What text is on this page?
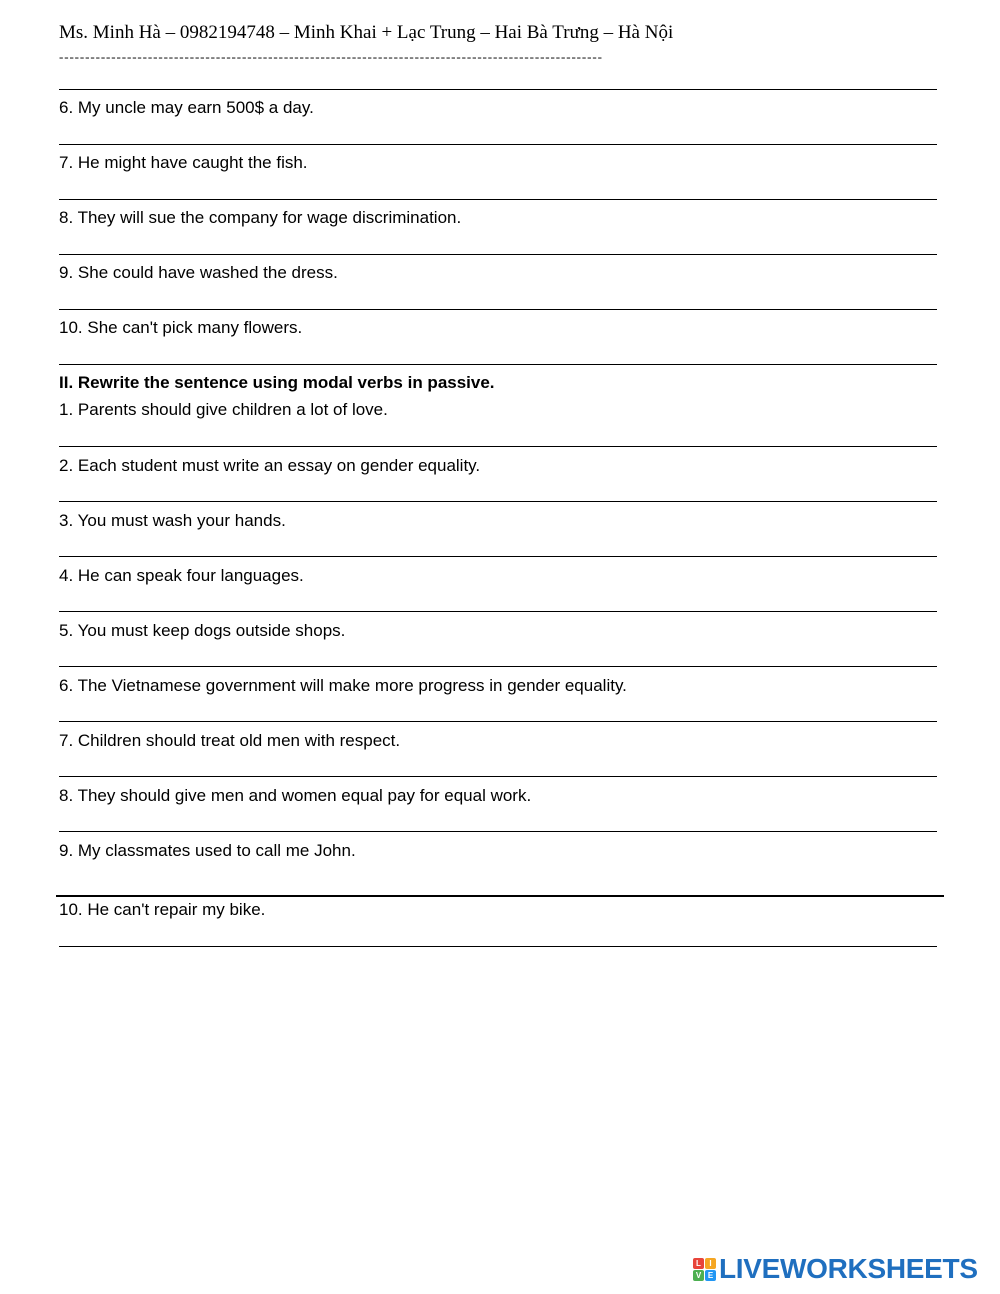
Ms. Minh Hà – 0982194748 – Minh Khai + Lạc Trung – Hai Bà Trưng – Hà Nội
--------------------------------------------------------------------------------------------------------
6. My uncle may earn 500$ a day.
7. He might have caught the fish.
8. They will sue the company for wage discrimination.
9. She could have washed the dress.
10. She can't pick many flowers.
II. Rewrite the sentence using modal verbs in passive.
1. Parents should give children a lot of love.
2. Each student must write an essay on gender equality.
3. You must wash your hands.
4. He can speak four languages.
5. You must keep dogs outside shops.
6. The Vietnamese government will make more progress in gender equality.
7. Children should treat old men with respect.
8. They should give men and women equal pay for equal work.
9. My classmates used to call me John.
10. He can't repair my bike.
L	I
V E LIVEWORKSHEETS
